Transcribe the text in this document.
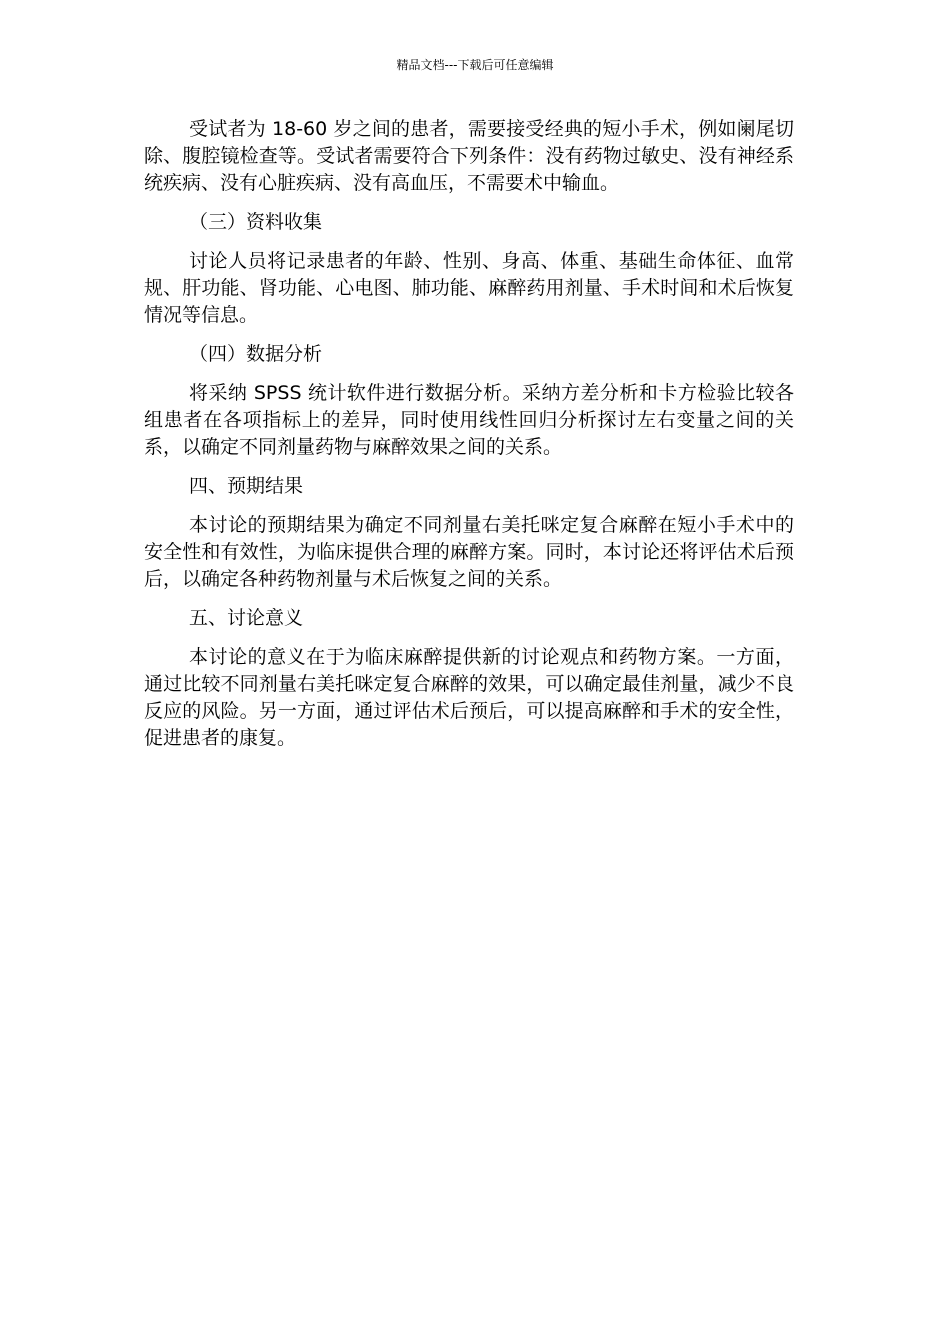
精品文档---下载后可任意编辑

受试者为 18-60 岁之间的患者，需要接受经典的短小手术，例如阑尾切除、腹腔镜检查等。受试者需要符合下列条件：没有药物过敏史、没有神经系统疾病、没有心脏疾病、没有高血压，不需要术中输血。

（三）资料收集

讨论人员将记录患者的年龄、性别、身高、体重、基础生命体征、血常规、肝功能、肾功能、心电图、肺功能、麻醉药用剂量、手术时间和术后恢复情况等信息。

（四）数据分析

将采纳 SPSS 统计软件进行数据分析。采纳方差分析和卡方检验比较各组患者在各项指标上的差异，同时使用线性回归分析探讨左右变量之间的关系，以确定不同剂量药物与麻醉效果之间的关系。

四、预期结果

本讨论的预期结果为确定不同剂量右美托咪定复合麻醉在短小手术中的安全性和有效性，为临床提供合理的麻醉方案。同时，本讨论还将评估术后预后，以确定各种药物剂量与术后恢复之间的关系。

五、讨论意义

本讨论的意义在于为临床麻醉提供新的讨论观点和药物方案。一方面，通过比较不同剂量右美托咪定复合麻醉的效果，可以确定最佳剂量，减少不良反应的风险。另一方面，通过评估术后预后，可以提高麻醉和手术的安全性，促进患者的康复。
